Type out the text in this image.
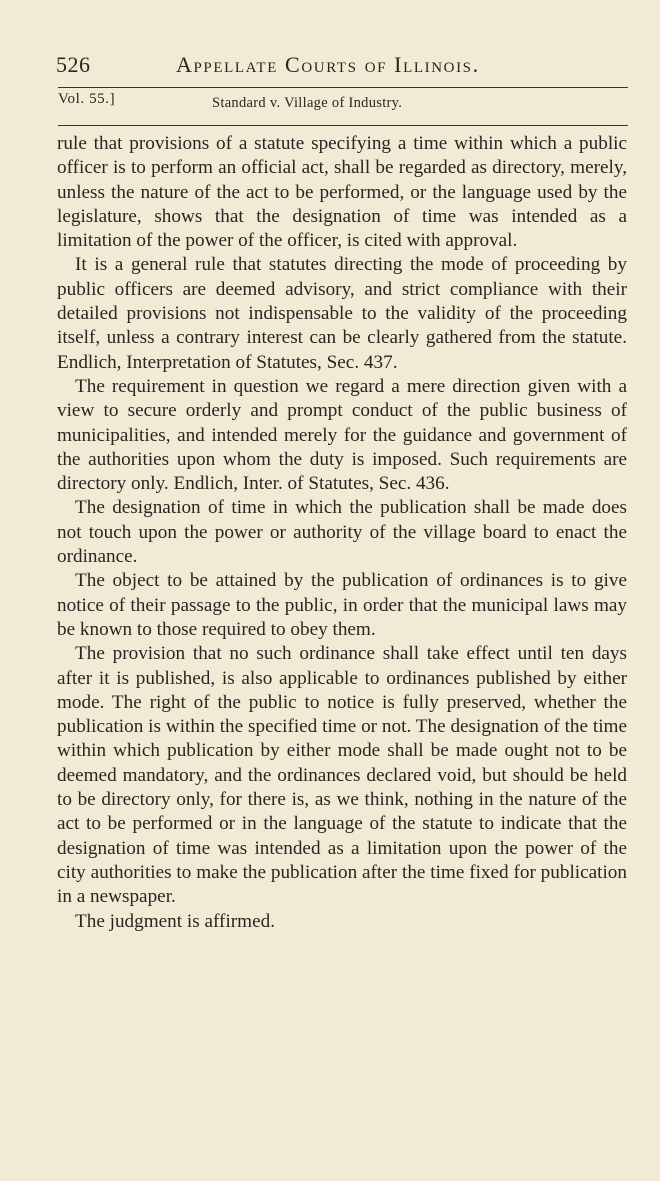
526	Appellate Courts of Illinois.
Vol. 55.]	Standard v. Village of Industry.

rule that provisions of a statute specifying a time within which a public officer is to perform an official act, shall be regarded as directory, merely, unless the nature of the act to be performed, or the language used by the legislature, shows that the designation of time was intended as a limitation of the power of the officer, is cited with approval.

It is a general rule that statutes directing the mode of proceeding by public officers are deemed advisory, and strict compliance with their detailed provisions not indispensable to the validity of the proceeding itself, unless a contrary interest can be clearly gathered from the statute. Endlich, Interpretation of Statutes, Sec. 437.

The requirement in question we regard a mere direction given with a view to secure orderly and prompt conduct of the public business of municipalities, and intended merely for the guidance and government of the authorities upon whom the duty is imposed. Such requirements are directory only. Endlich, Inter. of Statutes, Sec. 436.

The designation of time in which the publication shall be made does not touch upon the power or authority of the village board to enact the ordinance.

The object to be attained by the publication of ordinances is to give notice of their passage to the public, in order that the municipal laws may be known to those required to obey them.

The provision that no such ordinance shall take effect until ten days after it is published, is also applicable to ordinances published by either mode. The right of the public to notice is fully preserved, whether the publication is within the specified time or not. The designation of the time within which publication by either mode shall be made ought not to be deemed mandatory, and the ordinances declared void, but should be held to be directory only, for there is, as we think, nothing in the nature of the act to be performed or in the language of the statute to indicate that the designation of time was intended as a limitation upon the power of the city authorities to make the publication after the time fixed for publication in a newspaper.

The judgment is affirmed.
